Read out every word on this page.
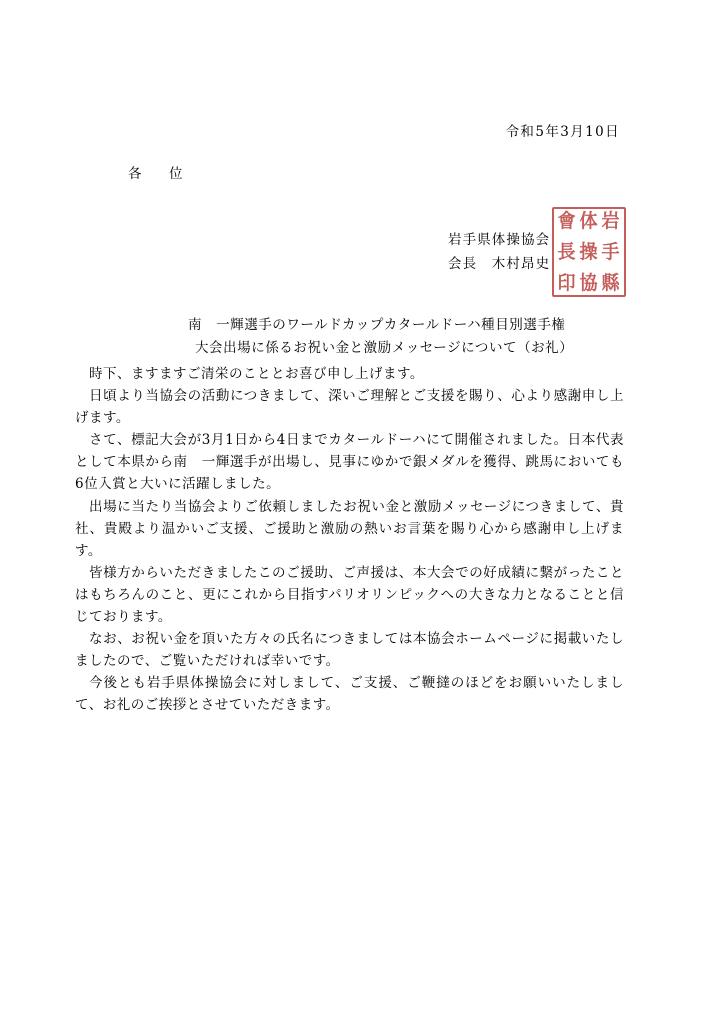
令和5年3月10日
各　位
岩手県体操協会
会長　木村昂史
岩
手
縣
体
操
協
會
長
印
南　一輝選手のワールドカップカタールドーハ種目別選手権
大会出場に係るお祝い金と激励メッセージについて（お礼）

時下、ますますご清栄のこととお喜び申し上げます。

日頃より当協会の活動につきまして、深いご理解とご支援を賜り、心より感謝申し上げます。

さて、標記大会が3月1日から4日までカタールドーハにて開催されました。日本代表として本県から南　一輝選手が出場し、見事にゆかで銀メダルを獲得、跳馬においても6位入賞と大いに活躍しました。

出場に当たり当協会よりご依頼しましたお祝い金と激励メッセージにつきまして、貴社、貴殿より温かいご支援、ご援助と激励の熱いお言葉を賜り心から感謝申し上げます。

皆様方からいただきましたこのご援助、ご声援は、本大会での好成績に繋がったことはもちろんのこと、更にこれから目指すパリオリンピックへの大きな力となることと信じております。

なお、お祝い金を頂いた方々の氏名につきましては本協会ホームページに掲載いたしましたので、ご覧いただければ幸いです。

今後とも岩手県体操協会に対しまして、ご支援、ご鞭撻のほどをお願いいたしまして、お礼のご挨拶とさせていただきます。
